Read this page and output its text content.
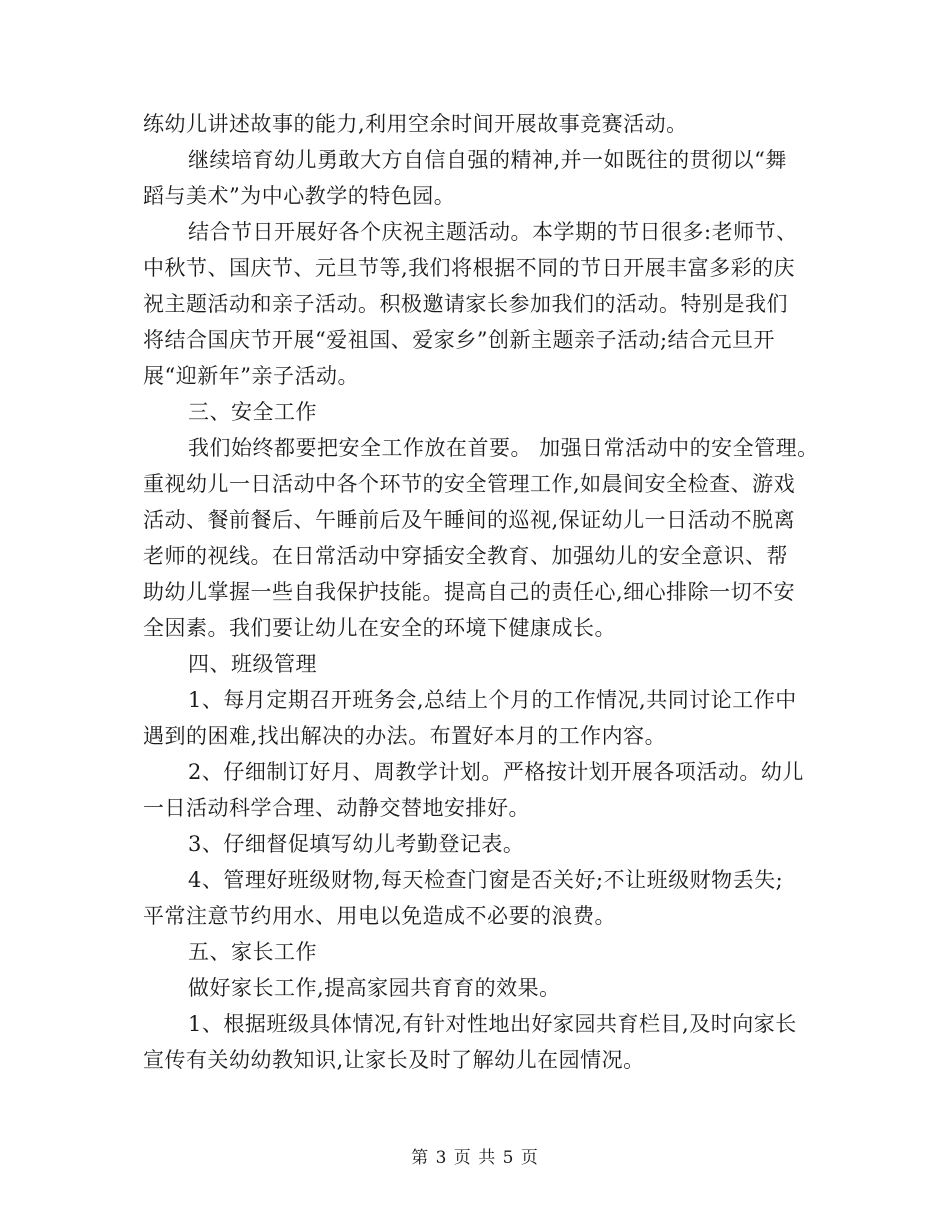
练幼儿讲述故事的能力,利用空余时间开展故事竞赛活动。
继续培育幼儿勇敢大方自信自强的精神,并一如既往的贯彻以“舞
蹈与美术”为中心教学的特色园。
结合节日开展好各个庆祝主题活动。本学期的节日很多:老师节、
中秋节、国庆节、元旦节等,我们将根据不同的节日开展丰富多彩的庆
祝主题活动和亲子活动。积极邀请家长参加我们的活动。特别是我们
将结合国庆节开展“爱祖国、爱家乡”创新主题亲子活动;结合元旦开
展“迎新年”亲子活动。
三、安全工作
我们始终都要把安全工作放在首要。 加强日常活动中的安全管理。
重视幼儿一日活动中各个环节的安全管理工作,如晨间安全检查、游戏
活动、餐前餐后、午睡前后及午睡间的巡视,保证幼儿一日活动不脱离
老师的视线。在日常活动中穿插安全教育、加强幼儿的安全意识、帮
助幼儿掌握一些自我保护技能。提高自己的责任心,细心排除一切不安
全因素。我们要让幼儿在安全的环境下健康成长。
四、班级管理
1、每月定期召开班务会,总结上个月的工作情况,共同讨论工作中
遇到的困难,找出解决的办法。布置好本月的工作内容。
2、仔细制订好月、周教学计划。严格按计划开展各项活动。幼儿
一日活动科学合理、动静交替地安排好。
3、仔细督促填写幼儿考勤登记表。
4、管理好班级财物,每天检查门窗是否关好;不让班级财物丢失;
平常注意节约用水、用电以免造成不必要的浪费。
五、家长工作
做好家长工作,提高家园共育育的效果。
1、根据班级具体情况,有针对性地出好家园共育栏目,及时向家长
宣传有关幼幼教知识,让家长及时了解幼儿在园情况。
第 3 页 共 5 页
